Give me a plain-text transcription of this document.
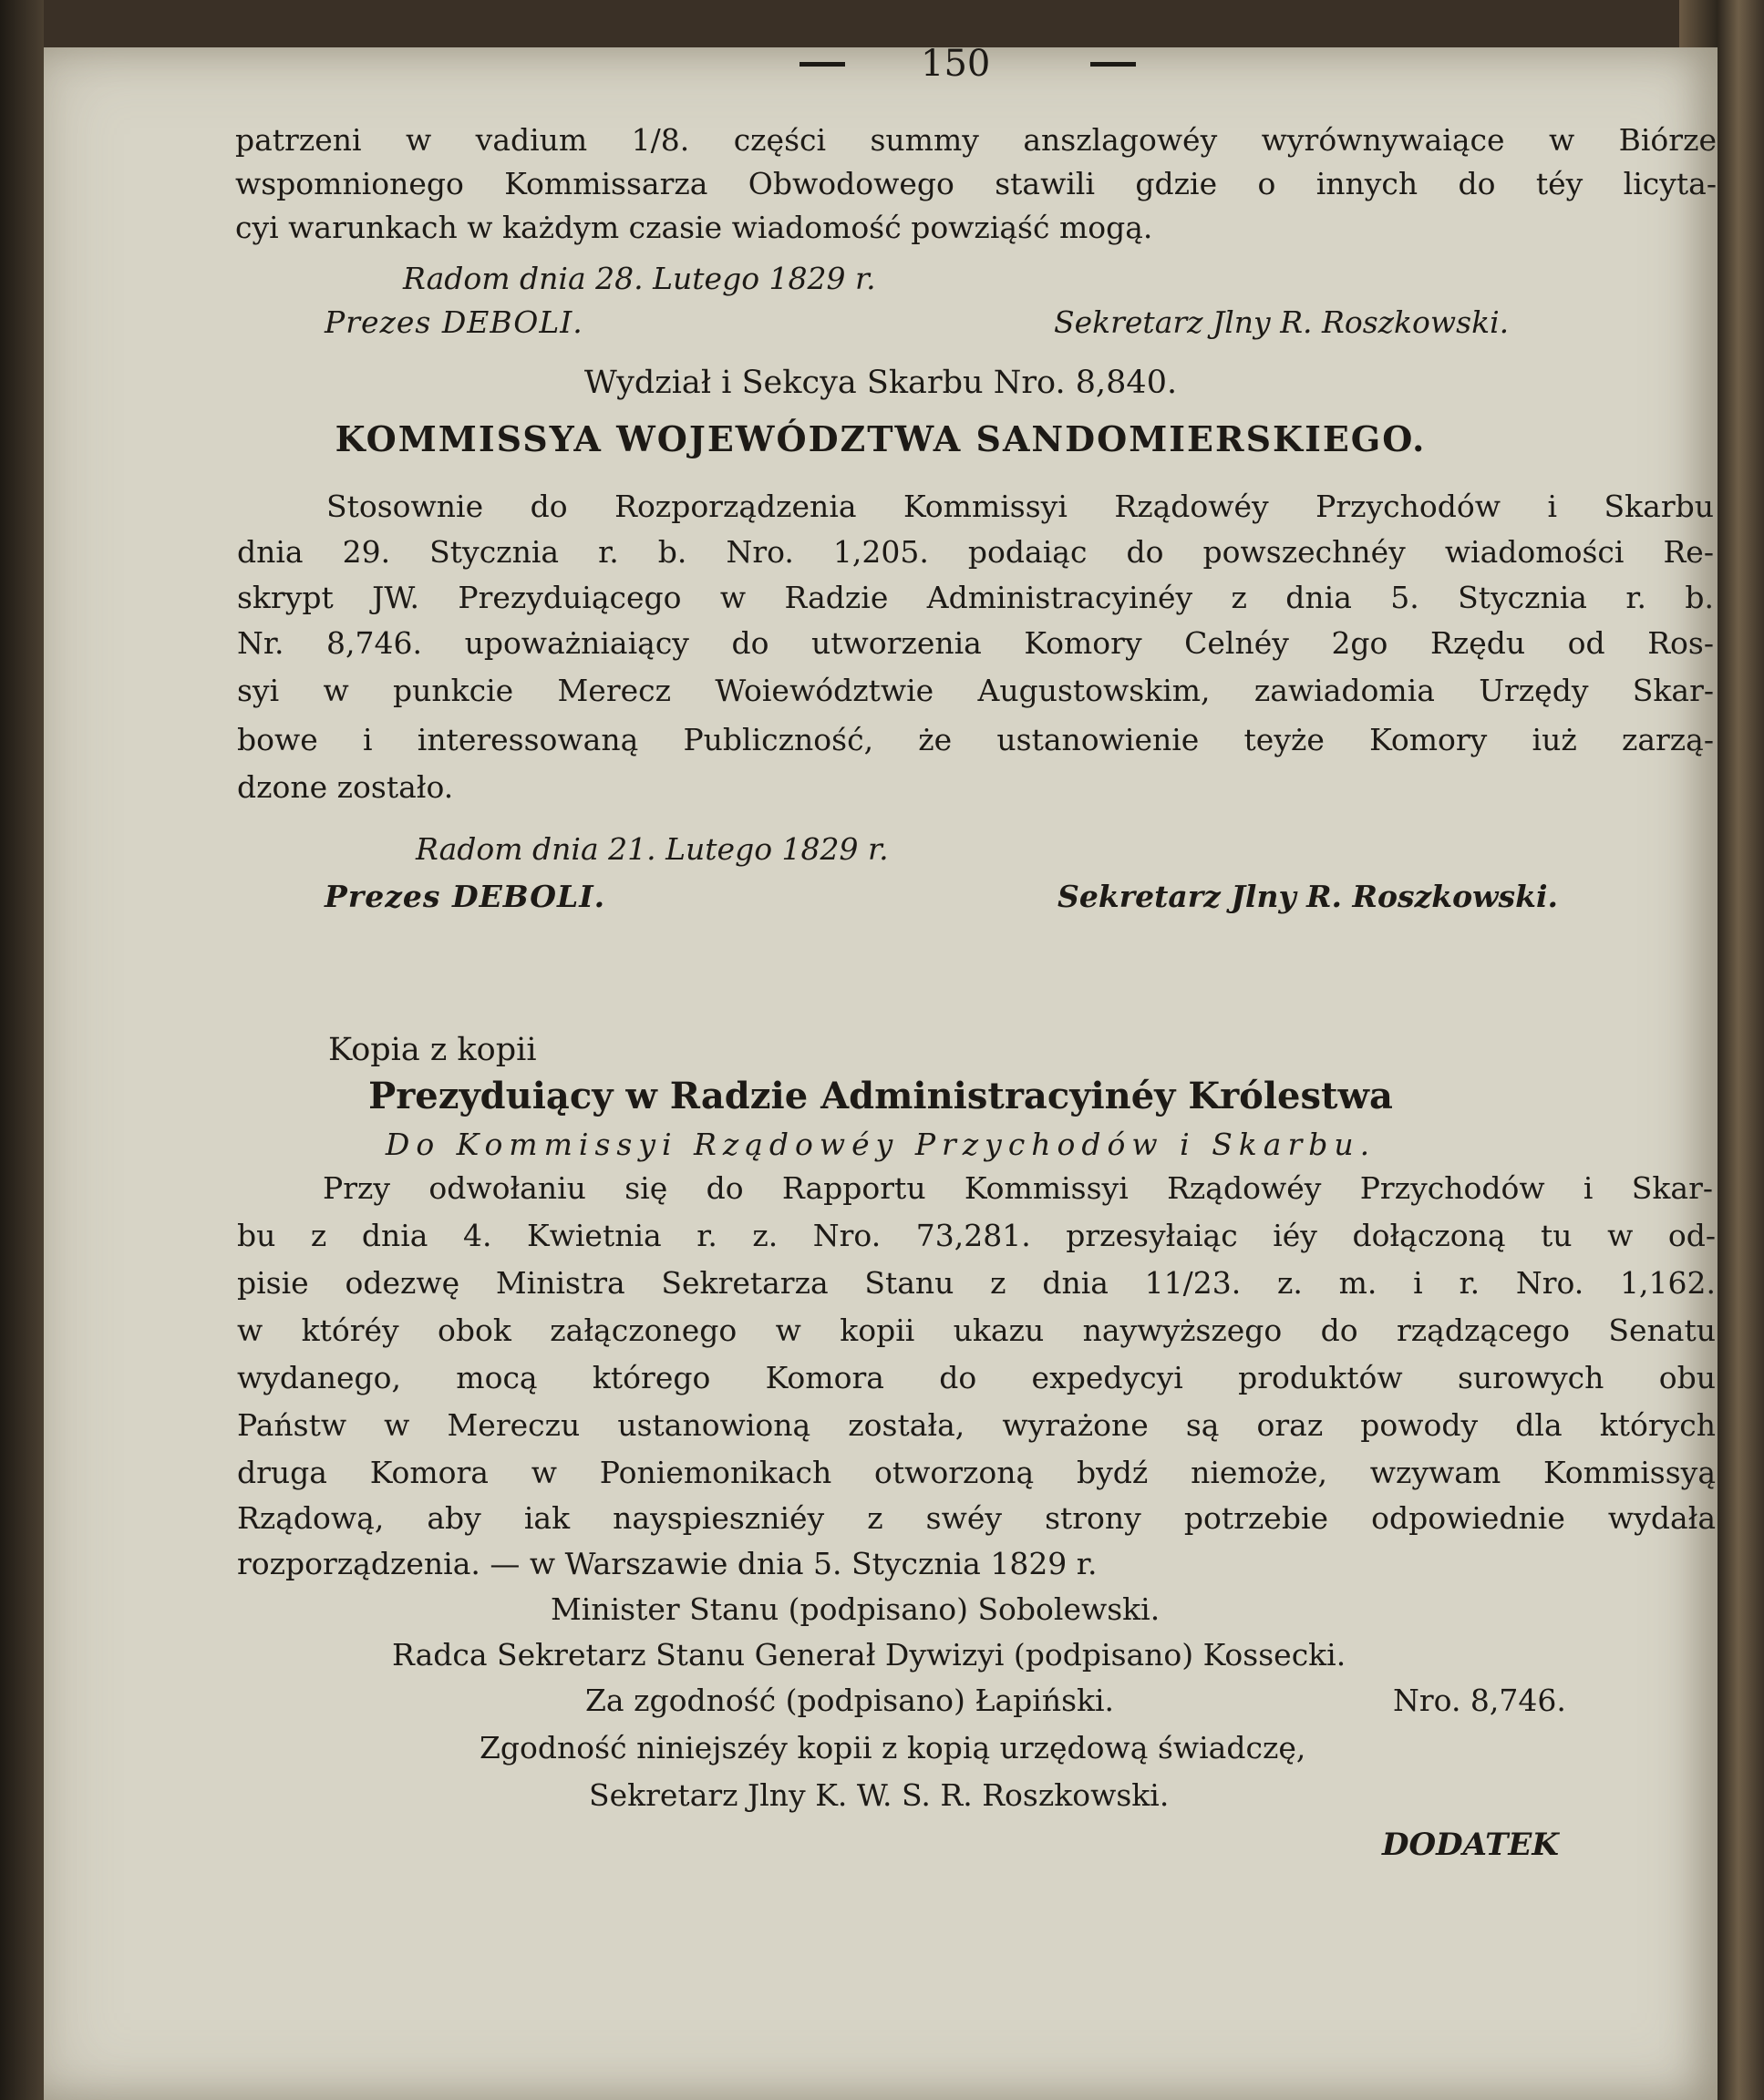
150
patrzeni w vadium 1/8. części summy anszlagowéy wyrównywaiące w Biórze
wspomnionego Kommissarza Obwodowego stawili gdzie o innych do téy licyta-
cyi warunkach w każdym czasie wiadomość powziąść mogą.
Radom dnia 28. Lutego 1829 r.
Prezes DEBOLI.	Sekretarz Jlny R. Roszkowski.
Wydział i Sekcya Skarbu Nro. 8,840.
KOMMISSYA WOJEWÓDZTWA SANDOMIERSKIEGO.
Stosownie do Rozporządzenia Kommissyi Rządowéy Przychodów i Skarbu
dnia 29. Stycznia r. b. Nro. 1,205. podaiąc do powszechnéy wiadomości Re-
skrypt JW. Prezyduiącego w Radzie Administracyinéy z dnia 5. Stycznia r. b.
Nr. 8,746. upoważniaiący do utworzenia Komory Celnéy 2go Rzędu od Ros-
syi w punkcie Merecz Woiewództwie Augustowskim, zawiadomia Urzędy Skar-
bowe i interessowaną Publiczność, że ustanowienie teyże Komory iuż zarzą-
dzone zostało.
Radom dnia 21. Lutego 1829 r.
Prezes DEBOLI.	Sekretarz Jlny R. Roszkowski.
Kopia z kopii
Prezyduiący w Radzie Administracyinéy Królestwa
Do Kommissyi Rządowéy Przychodów i Skarbu.
Przy odwołaniu się do Rapportu Kommissyi Rządowéy Przychodów i Skar-
bu z dnia 4. Kwietnia r. z. Nro. 73,281. przesyłaiąc iéy dołączoną tu w od-
pisie odezwę Ministra Sekretarza Stanu z dnia 11/23. z. m. i r. Nro. 1,162.
w któréy obok załączonego w kopii ukazu naywyższego do rządzącego Senatu
wydanego, mocą którego Komora do expedycyi produktów surowych obu
Państw w Mereczu ustanowioną została, wyrażone są oraz powody dla których
druga Komora w Poniemonikach otworzoną bydź niemoże, wzywam Kommissyą
Rządową, aby iak nayspieszniéy z swéy strony potrzebie odpowiednie wydała
rozporządzenia. — w Warszawie dnia 5. Stycznia 1829 r.
Minister Stanu (podpisano) Sobolewski.
Radca Sekretarz Stanu Generał Dywizyi (podpisano) Kossecki.
Za zgodność (podpisano) Łapiński.	Nro. 8,746.
Zgodność niniejszéy kopii z kopią urzędową świadczę,
Sekretarz Jlny K. W. S. R. Roszkowski.
DODATEK
